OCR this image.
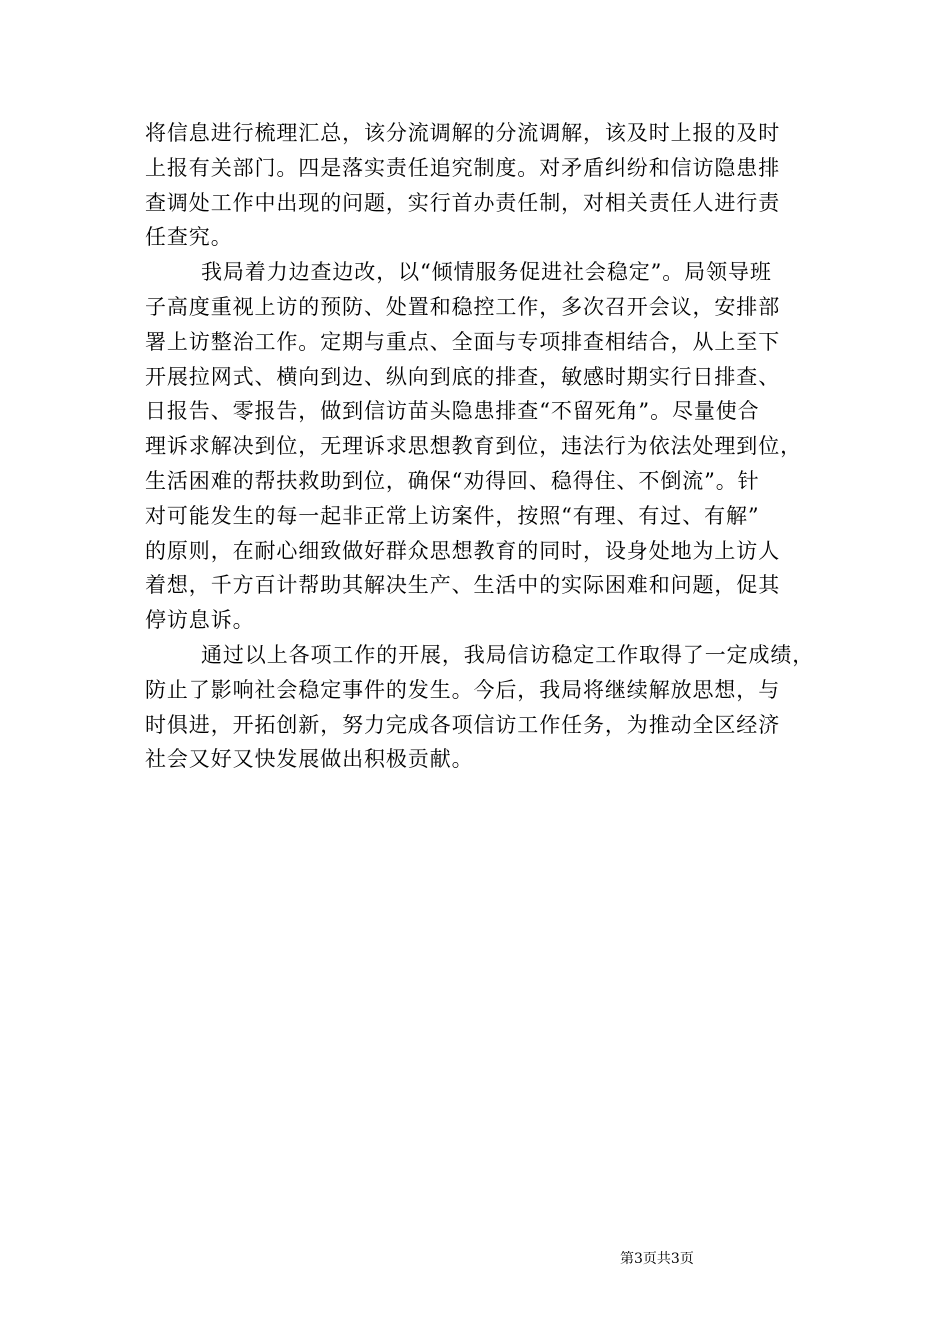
将信息进行梳理汇总，该分流调解的分流调解，该及时上报的及时
上报有关部门。四是落实责任追究制度。对矛盾纠纷和信访隐患排
查调处工作中出现的问题，实行首办责任制，对相关责任人进行责
任查究。
我局着力边查边改，以“倾情服务促进社会稳定”。局领导班
子高度重视上访的预防、处置和稳控工作，多次召开会议，安排部
署上访整治工作。定期与重点、全面与专项排查相结合，从上至下
开展拉网式、横向到边、纵向到底的排查，敏感时期实行日排查、
日报告、零报告，做到信访苗头隐患排查“不留死角”。尽量使合
理诉求解决到位，无理诉求思想教育到位，违法行为依法处理到位，
生活困难的帮扶救助到位，确保“劝得回、稳得住、不倒流”。针
对可能发生的每一起非正常上访案件，按照“有理、有过、有解”
的原则，在耐心细致做好群众思想教育的同时，设身处地为上访人
着想，千方百计帮助其解决生产、生活中的实际困难和问题，促其
停访息诉。
通过以上各项工作的开展，我局信访稳定工作取得了一定成绩，
防止了影响社会稳定事件的发生。今后，我局将继续解放思想，与
时俱进，开拓创新，努力完成各项信访工作任务，为推动全区经济
社会又好又快发展做出积极贡献。
第3页共3页
